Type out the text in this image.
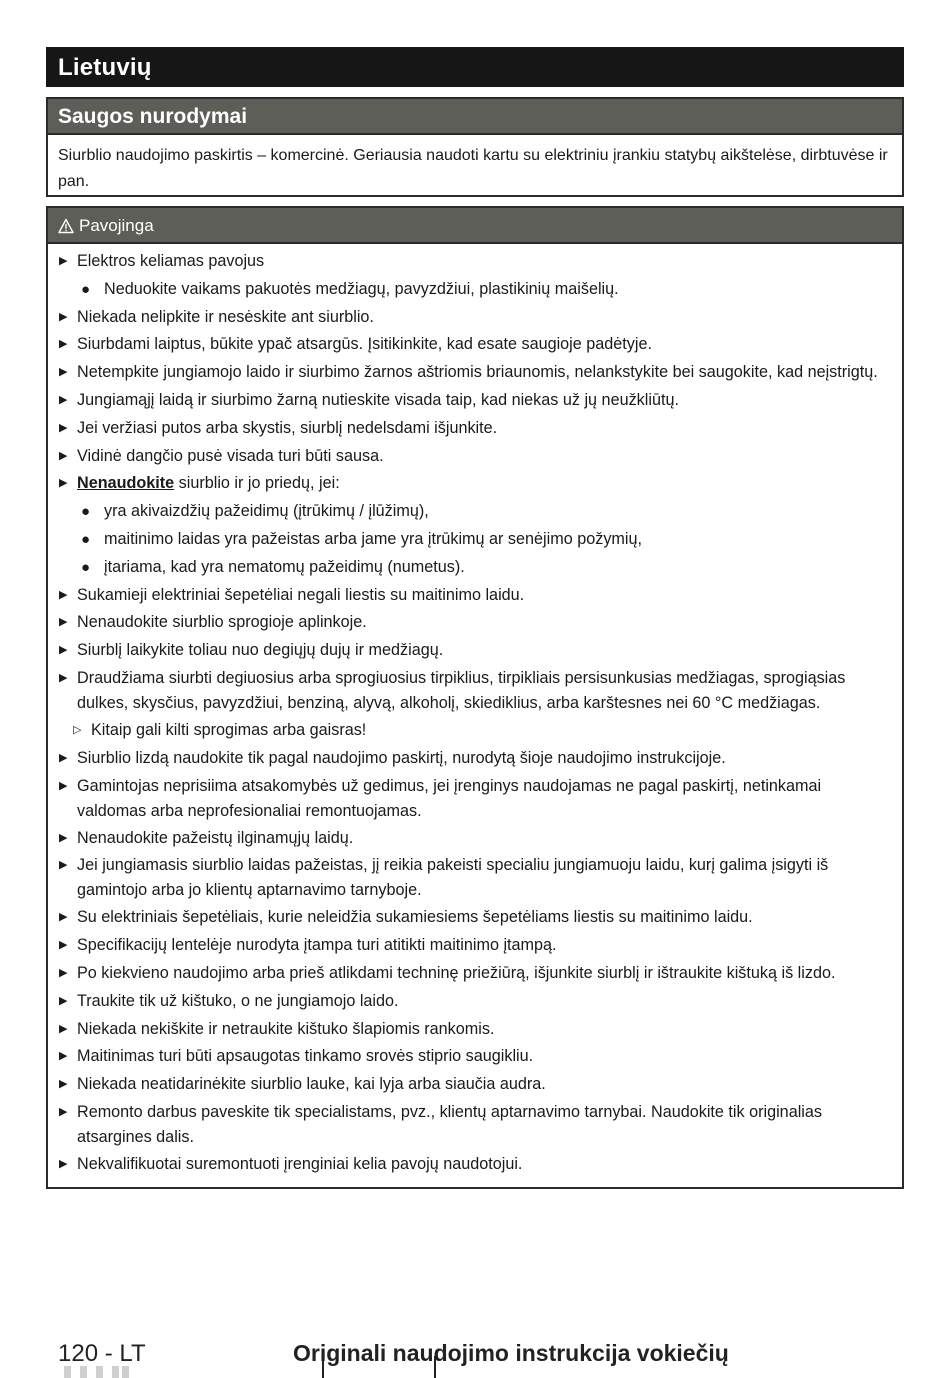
Lietuvių
Saugos nurodymai
Siurblio naudojimo paskirtis – komercinė. Geriausia naudoti kartu su elektriniu įrankiu statybų aikštelėse, dirbtuvėse ir pan.
Pavojinga
▶ Elektros keliamas pavojus
● Neduokite vaikams pakuotės medžiagų, pavyzdžiui, plastikinių maišelių.
▶ Niekada nelipkite ir nesėskite ant siurblio.
▶ Siurbdami laiptus, būkite ypač atsargūs. Įsitikinkite, kad esate saugioje padėtyje.
▶ Netempkite jungiamojo laido ir siurbimo žarnos aštriomis briaunomis, nelankstykite bei saugokite, kad neįstrigtų.
▶ Jungiamąjį laidą ir siurbimo žarną nutieskite visada taip, kad niekas už jų neužkliūtų.
▶ Jei veržiasi putos arba skystis, siurblį nedelsdami išjunkite.
▶ Vidinė dangčio pusė visada turi būti sausa.
▶ Nenaudokite siurblio ir jo priedų, jei:
● yra akivaizdžių pažeidimų (įtrūkimų / įlūžimų),
● maitinimo laidas yra pažeistas arba jame yra įtrūkimų ar senėjimo požymių,
● įtariama, kad yra nematomų pažeidimų (numetus).
▶ Sukamieji elektriniai šepetėliai negali liestis su maitinimo laidu.
▶ Nenaudokite siurblio sprogioje aplinkoje.
▶ Siurblį laikykite toliau nuo degiųjų dujų ir medžiagų.
▶ Draudžiama siurbti degiuosius arba sprogiuosius tirpiklius, tirpikliais persisunkusias medžiagas, sprogiąsias dulkes, skysčius, pavyzdžiui, benziną, alyvą, alkoholį, skiediklius, arba karštesnes nei 60 °C medžiagas.
▷ Kitaip gali kilti sprogimas arba gaisras!
▶ Siurblio lizdą naudokite tik pagal naudojimo paskirtį, nurodytą šioje naudojimo instrukcijoje.
▶ Gamintojas neprisiima atsakomybės už gedimus, jei įrenginys naudojamas ne pagal paskirtį, netinkamai valdomas arba neprofesionaliai remontuojamas.
▶ Nenaudokite pažeistų ilginamųjų laidų.
▶ Jei jungiamasis siurblio laidas pažeistas, jį reikia pakeisti specialiu jungiamuoju laidu, kurį galima įsigyti iš gamintojo arba jo klientų aptarnavimo tarnyboje.
▶ Su elektriniais šepetėliais, kurie neleidžia sukamiesiems šepetėliams liestis su maitinimo laidu.
▶ Specifikacijų lentelėje nurodyta įtampa turi atitikti maitinimo įtampą.
▶ Po kiekvieno naudojimo arba prieš atlikdami techninę priežiūrą, išjunkite siurblį ir ištraukite kištuką iš lizdo.
▶ Traukite tik už kištuko, o ne jungiamojo laido.
▶ Niekada nekiškite ir netraukite kištuko šlapiomis rankomis.
▶ Maitinimas turi būti apsaugotas tinkamo srovės stiprio saugikliu.
▶ Niekada neatidarinėkite siurblio lauke, kai lyja arba siaučia audra.
▶ Remonto darbus paveskite tik specialistams, pvz., klientų aptarnavimo tarnybai. Naudokite tik originalias atsargines dalis.
▶ Nekvalifikuotai suremontuoti įrenginiai kelia pavojų naudotojui.
120 - LT	Originali naudojimo instrukcija vokiečių
